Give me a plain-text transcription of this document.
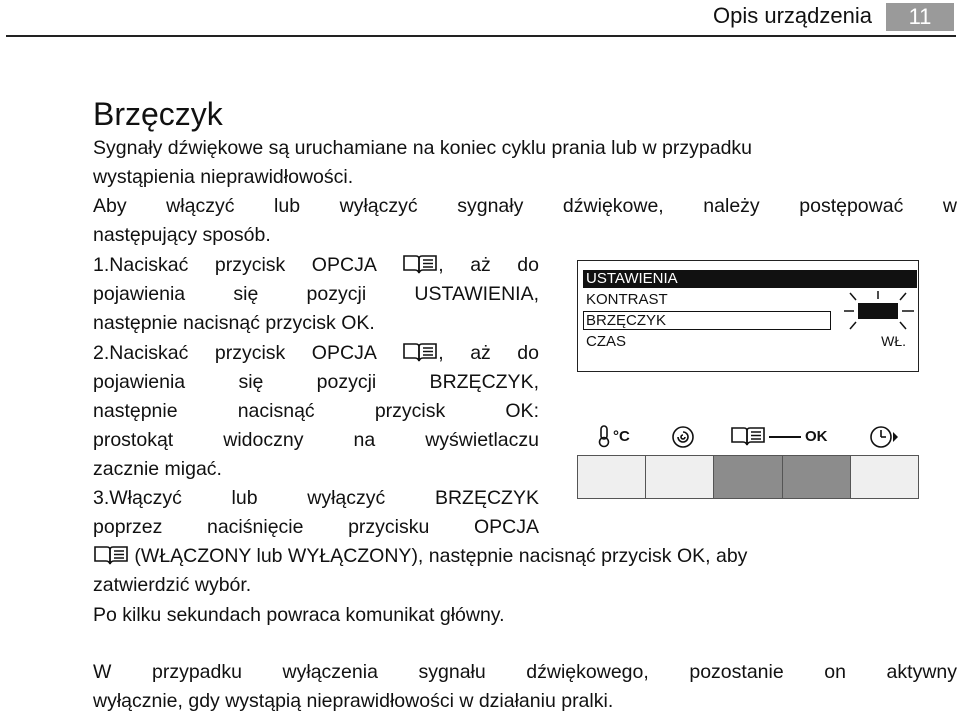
Opis urządzenia	11
Brzęczyk

Sygnały dźwiękowe są uruchamiane na koniec cyklu prania lub w przypadku

wystąpienia nieprawidłowości.

Aby włączyć lub wyłączyć sygnały dźwiękowe, należy postępować w

następujący sposób.

1.Naciskać przycisk OPCJA	, aż do

pojawienia się pozycji USTAWIENIA,

następnie nacisnąć przycisk OK.

2.Naciskać przycisk OPCJA	, aż do

pojawienia się pozycji BRZĘCZYK,

następnie nacisnąć przycisk OK:

prostokąt widoczny na wyświetlaczu

zacznie migać.

3.Włączyć lub wyłączyć BRZĘCZYK

poprzez naciśnięcie przycisku OPCJA

(WŁĄCZONY lub WYŁĄCZONY), następnie nacisnąć przycisk OK, aby

zatwierdzić wybór.

Po kilku sekundach powraca komunikat główny.

W przypadku wyłączenia sygnału dźwiękowego, pozostanie on aktywny

wyłącznie, gdy wystąpią nieprawidłowości w działaniu pralki.

USTAWIENIA
KONTRAST
BRZĘCZYK
CZAS	WŁ.
°C	OK
